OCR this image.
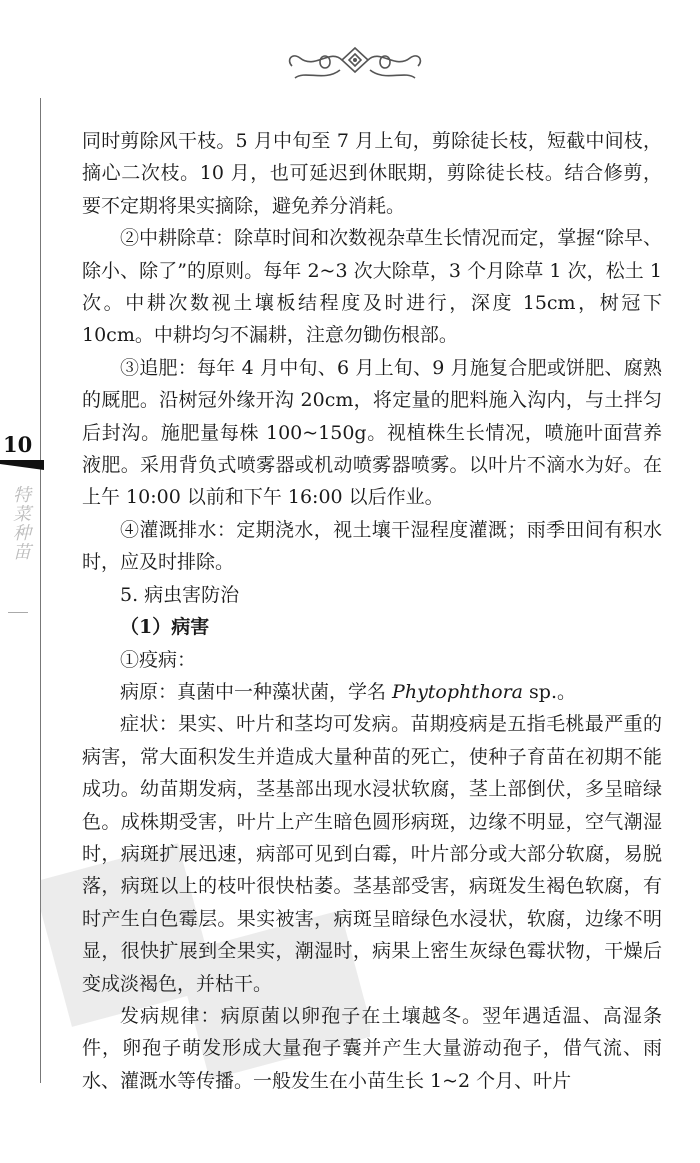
10
特菜种苗

同时剪除风干枝。5 月中旬至 7 月上旬，剪除徒长枝，短截中间枝，摘心二次枝。10 月，也可延迟到休眠期，剪除徒长枝。结合修剪，要不定期将果实摘除，避免养分消耗。

②中耕除草：除草时间和次数视杂草生长情况而定，掌握“除早、除小、除了”的原则。每年 2~3 次大除草，3 个月除草 1 次，松土 1 次。中耕次数视土壤板结程度及时进行，深度 15cm，树冠下 10cm。中耕均匀不漏耕，注意勿锄伤根部。

③追肥：每年 4 月中旬、6 月上旬、9 月施复合肥或饼肥、腐熟的厩肥。沿树冠外缘开沟 20cm，将定量的肥料施入沟内，与土拌匀后封沟。施肥量每株 100~150g。视植株生长情况，喷施叶面营养液肥。采用背负式喷雾器或机动喷雾器喷雾。以叶片不滴水为好。在上午 10:00 以前和下午 16:00 以后作业。

④灌溉排水：定期浇水，视土壤干湿程度灌溉；雨季田间有积水时，应及时排除。

5. 病虫害防治

（1）病害

①疫病：

病原：真菌中一种藻状菌，学名 Phytophthora sp.。

症状：果实、叶片和茎均可发病。苗期疫病是五指毛桃最严重的病害，常大面积发生并造成大量种苗的死亡，使种子育苗在初期不能成功。幼苗期发病，茎基部出现水浸状软腐，茎上部倒伏，多呈暗绿色。成株期受害，叶片上产生暗色圆形病斑，边缘不明显，空气潮湿时，病斑扩展迅速，病部可见到白霉，叶片部分或大部分软腐，易脱落，病斑以上的枝叶很快枯萎。茎基部受害，病斑发生褐色软腐，有时产生白色霉层。果实被害，病斑呈暗绿色水浸状，软腐，边缘不明显，很快扩展到全果实，潮湿时，病果上密生灰绿色霉状物，干燥后变成淡褐色，并枯干。

发病规律：病原菌以卵孢子在土壤越冬。翌年遇适温、高湿条件，卵孢子萌发形成大量孢子囊并产生大量游动孢子，借气流、雨水、灌溉水等传播。一般发生在小苗生长 1~2 个月、叶片
